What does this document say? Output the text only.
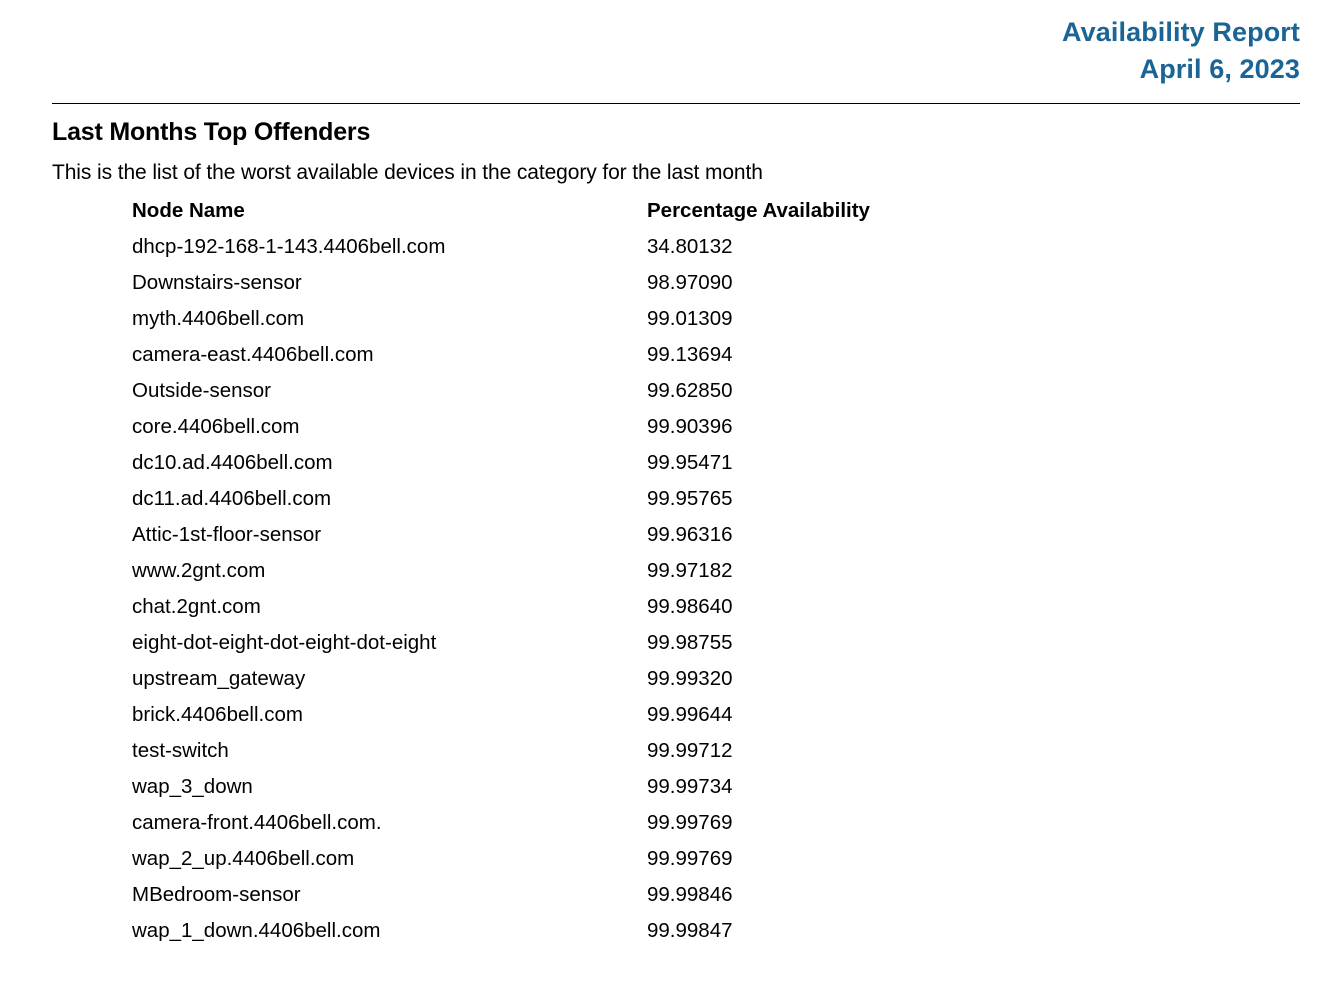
Availability Report
April 6, 2023
Last Months Top Offenders

This is the list of the worst available devices in the category for the last month

Node Name	Percentage Availability
dhcp-192-168-1-143.4406bell.com	34.80132
Downstairs-sensor	98.97090
myth.4406bell.com	99.01309
camera-east.4406bell.com	99.13694
Outside-sensor	99.62850
core.4406bell.com	99.90396
dc10.ad.4406bell.com	99.95471
dc11.ad.4406bell.com	99.95765
Attic-1st-floor-sensor	99.96316
www.2gnt.com	99.97182
chat.2gnt.com	99.98640
eight-dot-eight-dot-eight-dot-eight	99.98755
upstream_gateway	99.99320
brick.4406bell.com	99.99644
test-switch	99.99712
wap_3_down	99.99734
camera-front.4406bell.com.	99.99769
wap_2_up.4406bell.com	99.99769
MBedroom-sensor	99.99846
wap_1_down.4406bell.com	99.99847
